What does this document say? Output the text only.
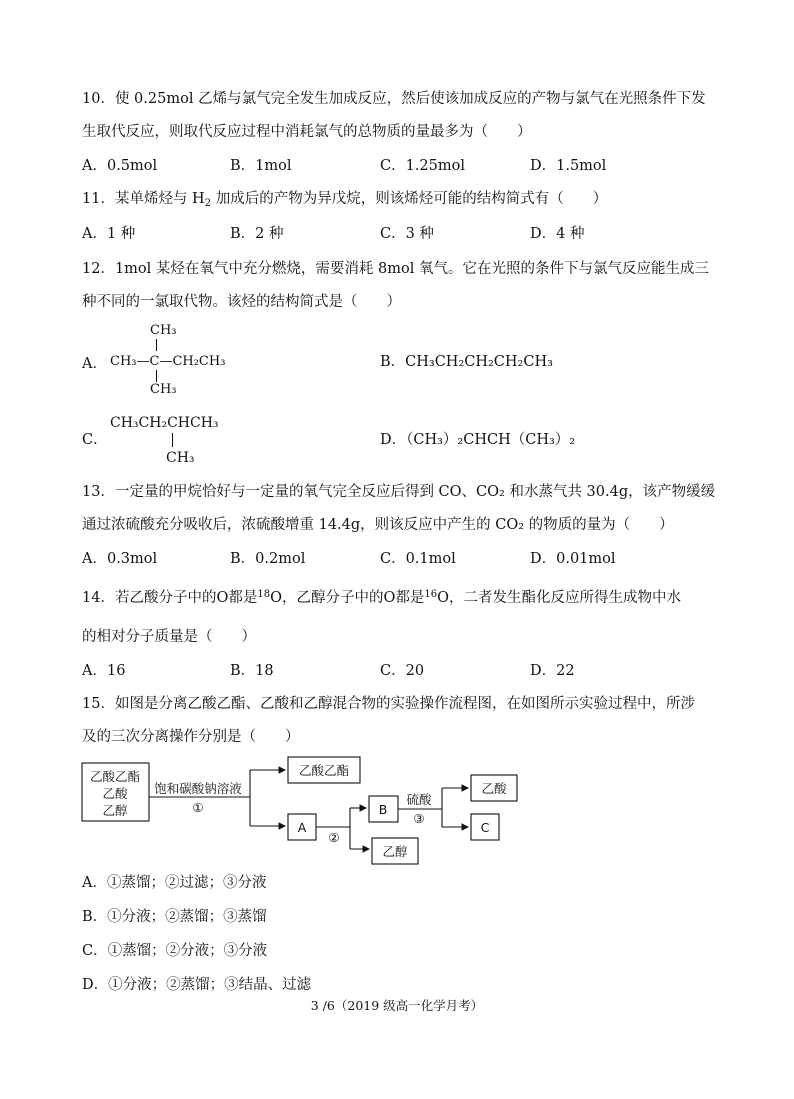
10．使 0.25mol 乙烯与氯气完全发生加成反应，然后使该加成反应的产物与氯气在光照条件下发
生取代反应，则取代反应过程中消耗氯气的总物质的量最多为（　　）
A．0.5mol	B．1mol	C．1.25mol	D．1.5mol
11．某单烯烃与 $H_2$ 加成后的产物为异戊烷，则该烯烃可能的结构简式有（　　）
A．1 种	B．2 种	C．3 种	D．4 种
12．1mol 某烃在氧气中充分燃烧，需要消耗 8mol 氧气。它在光照的条件下与氯气反应能生成三
种不同的一氯取代物。该烃的结构简式是（　　）
A．
CH₃
CH₃—C—CH₂CH₃
CH₃
B．CH₃CH₂CH₂CH₂CH₃
C．
CH₃CH₂CHCH₃
CH₃
D．（CH₃）₂CHCH（CH₃）₂
13．一定量的甲烷恰好与一定量的氧气完全反应后得到 CO、CO₂ 和水蒸气共 30.4g，该产物缓缓
通过浓硫酸充分吸收后，浓硫酸增重 14.4g，则该反应中产生的 CO₂ 的物质的量为（　　）
A．0.3mol	B．0.2mol	C．0.1mol	D．0.01mol
14．若乙酸分子中的O都是$^{18}$O，乙醇分子中的O都是$^{16}$O，二者发生酯化反应所得生成物中水
的相对分子质量是（　　）
A．16	B．18	C．20	D．22
15．如图是分离乙酸乙酯、乙酸和乙醇混合物的实验操作流程图，在如图所示实验过程中，所涉
及的三次分离操作分别是（　　）
乙酸乙酯
乙酸
乙醇
饱和碳酸钠溶液
①
乙酸乙酯
A
②
B
硫酸
③
乙酸
C
乙醇
A．①蒸馏；②过滤；③分液
B．①分液；②蒸馏；③蒸馏
C．①蒸馏；②分液；③分液
D．①分液；②蒸馏；③结晶、过滤
3 /6（2019 级高一化学月考）
